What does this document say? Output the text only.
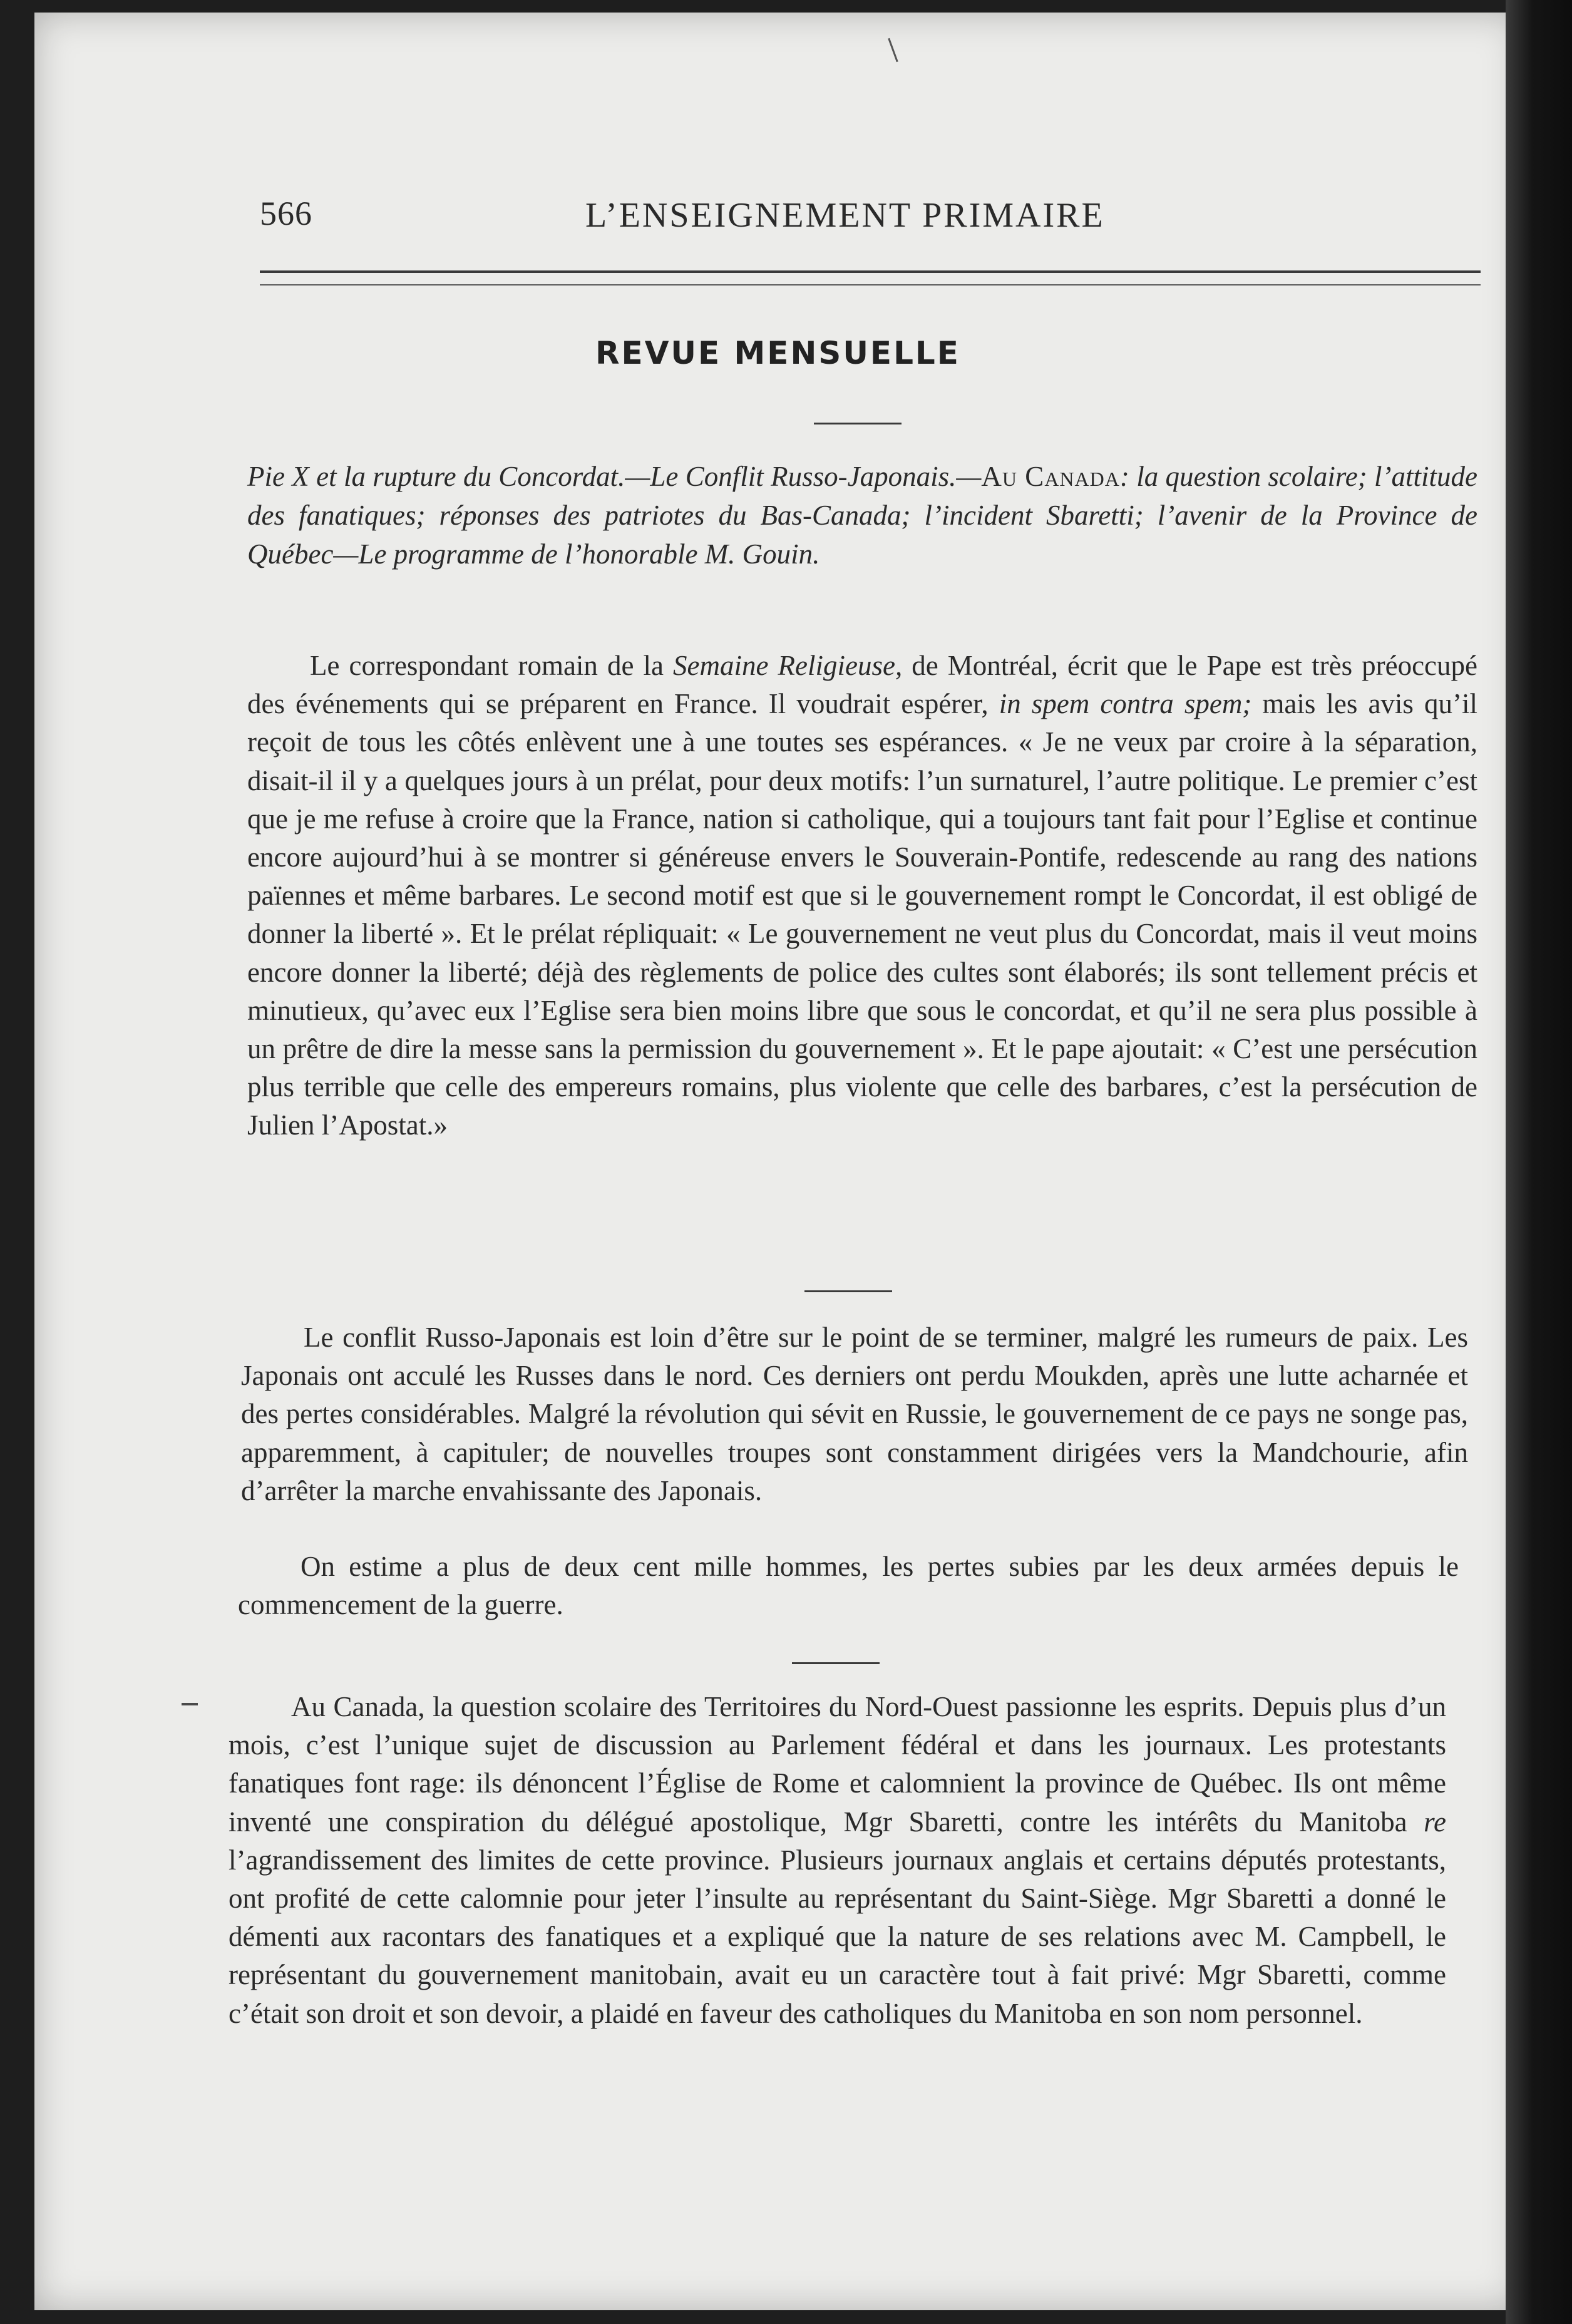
566	L’ENSEIGNEMENT PRIMAIRE
REVUE MENSUELLE

Pie X et la rupture du Concordat.—Le Conflit Russo-Japonais.—Au Canada: la question scolaire; l’attitude des fanatiques; réponses des patriotes du Bas-Canada; l’incident Sbaretti; l’avenir de la Province de Québec—Le programme de l’honorable M. Gouin.

Le correspondant romain de la Semaine Religieuse, de Montréal, écrit que le Pape est très préoccupé des événements qui se préparent en France. Il voudrait espérer, in spem contra spem; mais les avis qu’il reçoit de tous les côtés enlèvent une à une toutes ses espérances. « Je ne veux par croire à la séparation, disait-il il y a quelques jours à un prélat, pour deux motifs: l’un surnaturel, l’autre politique. Le premier c’est que je me refuse à croire que la France, nation si catholique, qui a toujours tant fait pour l’Eglise et continue encore aujourd’hui à se montrer si généreuse envers le Souverain-Pontife, redescende au rang des nations païennes et même barbares. Le second motif est que si le gouvernement rompt le Concordat, il est obligé de donner la liberté ». Et le prélat répliquait: « Le gouvernement ne veut plus du Concordat, mais il veut moins encore donner la liberté; déjà des règlements de police des cultes sont élaborés; ils sont tellement précis et minutieux, qu’avec eux l’Eglise sera bien moins libre que sous le concordat, et qu’il ne sera plus possible à un prêtre de dire la messe sans la permission du gouvernement ». Et le pape ajoutait: « C’est une persécution plus terrible que celle des empereurs romains, plus violente que celle des barbares, c’est la persécution de Julien l’Apostat.»

Le conflit Russo-Japonais est loin d’être sur le point de se terminer, malgré les rumeurs de paix. Les Japonais ont acculé les Russes dans le nord. Ces derniers ont perdu Moukden, après une lutte acharnée et des pertes considérables. Malgré la révolution qui sévit en Russie, le gouvernement de ce pays ne songe pas, apparemment, à capituler; de nouvelles troupes sont constamment dirigées vers la Mandchourie, afin d’arrêter la marche envahissante des Japonais.

On estime a plus de deux cent mille hommes, les pertes subies par les deux armées depuis le commencement de la guerre.

Au Canada, la question scolaire des Territoires du Nord-Ouest passionne les esprits. Depuis plus d’un mois, c’est l’unique sujet de discussion au Parlement fédéral et dans les journaux. Les protestants fanatiques font rage: ils dénoncent l’Église de Rome et calomnient la province de Québec. Ils ont même inventé une conspiration du délégué apostolique, Mgr Sbaretti, contre les intérêts du Manitoba re l’agrandissement des limites de cette province. Plusieurs journaux anglais et certains députés protestants, ont profité de cette calomnie pour jeter l’insulte au représentant du Saint-Siège. Mgr Sbaretti a donné le démenti aux racontars des fanatiques et a expliqué que la nature de ses relations avec M. Campbell, le représentant du gouvernement manitobain, avait eu un caractère tout à fait privé: Mgr Sbaretti, comme c’était son droit et son devoir, a plaidé en faveur des catholiques du Manitoba en son nom personnel.
